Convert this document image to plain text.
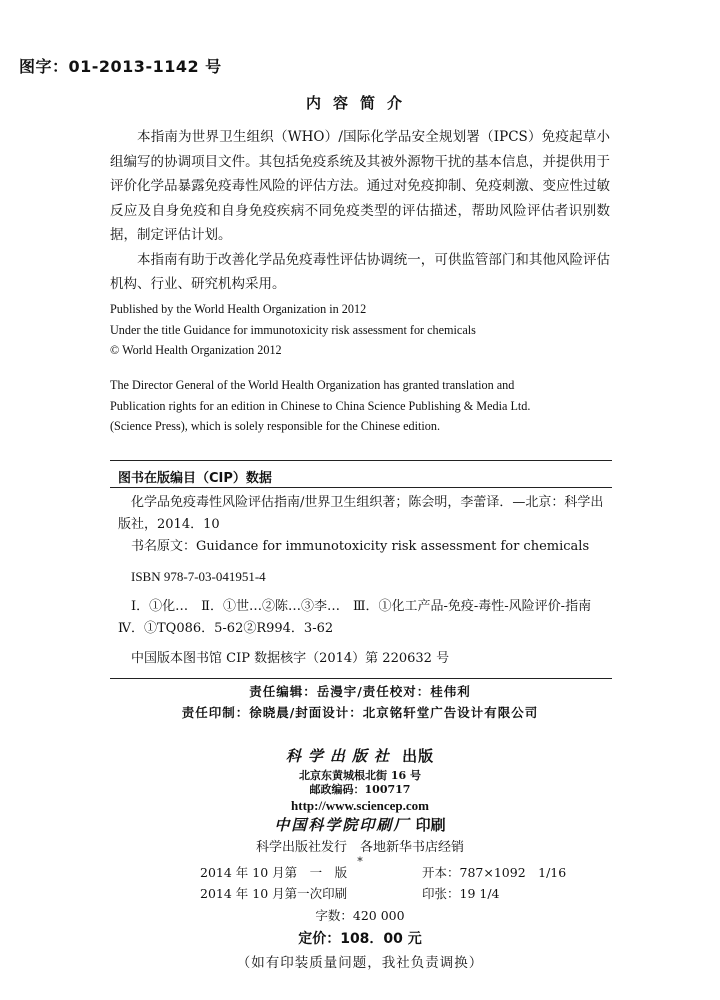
图字：01-2013-1142 号
内容简介

本指南为世界卫生组织（WHO）/国际化学品安全规划署（IPCS）免疫起草小组编写的协调项目文件。其包括免疫系统及其被外源物干扰的基本信息，并提供用于评价化学品暴露免疫毒性风险的评估方法。通过对免疫抑制、免疫刺激、变应性过敏反应及自身免疫和自身免疫疾病不同免疫类型的评估描述，帮助风险评估者识别数据，制定评估计划。

本指南有助于改善化学品免疫毒性评估协调统一，可供监管部门和其他风险评估机构、行业、研究机构采用。

Published by the World Health Organization in 2012
Under the title Guidance for immunotoxicity risk assessment for chemicals
© World Health Organization 2012
The Director General of the World Health Organization has granted translation and
Publication rights for an edition in Chinese to China Science Publishing & Media Ltd.
(Science Press), which is solely responsible for the Chinese edition.
图书在版编目（CIP）数据
化学品免疫毒性风险评估指南/世界卫生组织著；陈会明，李蕾译．—北京：科学出版社，2014．10
书名原文：Guidance for immunotoxicity risk assessment for chemicals
ISBN 978-7-03-041951-4
Ⅰ．①化…　Ⅱ．①世…②陈…③李…　Ⅲ．①化工产品-免疫-毒性-风险评价-指南　Ⅳ．①TQ086．5-62②R994．3-62
中国版本图书馆 CIP 数据核字（2014）第 220632 号
责任编辑：岳漫宇/责任校对：桂伟利
责任印制：徐晓晨/封面设计：北京铭轩堂广告设计有限公司
科学出版社 出版
北京东黄城根北街 16 号
邮政编码：100717
http://www.sciencep.com
中国科学院印刷厂 印刷
科学出版社发行　各地新华书店经销
*
2014 年 10 月第　一　版	开本：787×1092　1/16
2014 年 10 月第一次印刷	印张：19 1/4
字数：420 000
定价：108．00 元
（如有印装质量问题，我社负责调换）
